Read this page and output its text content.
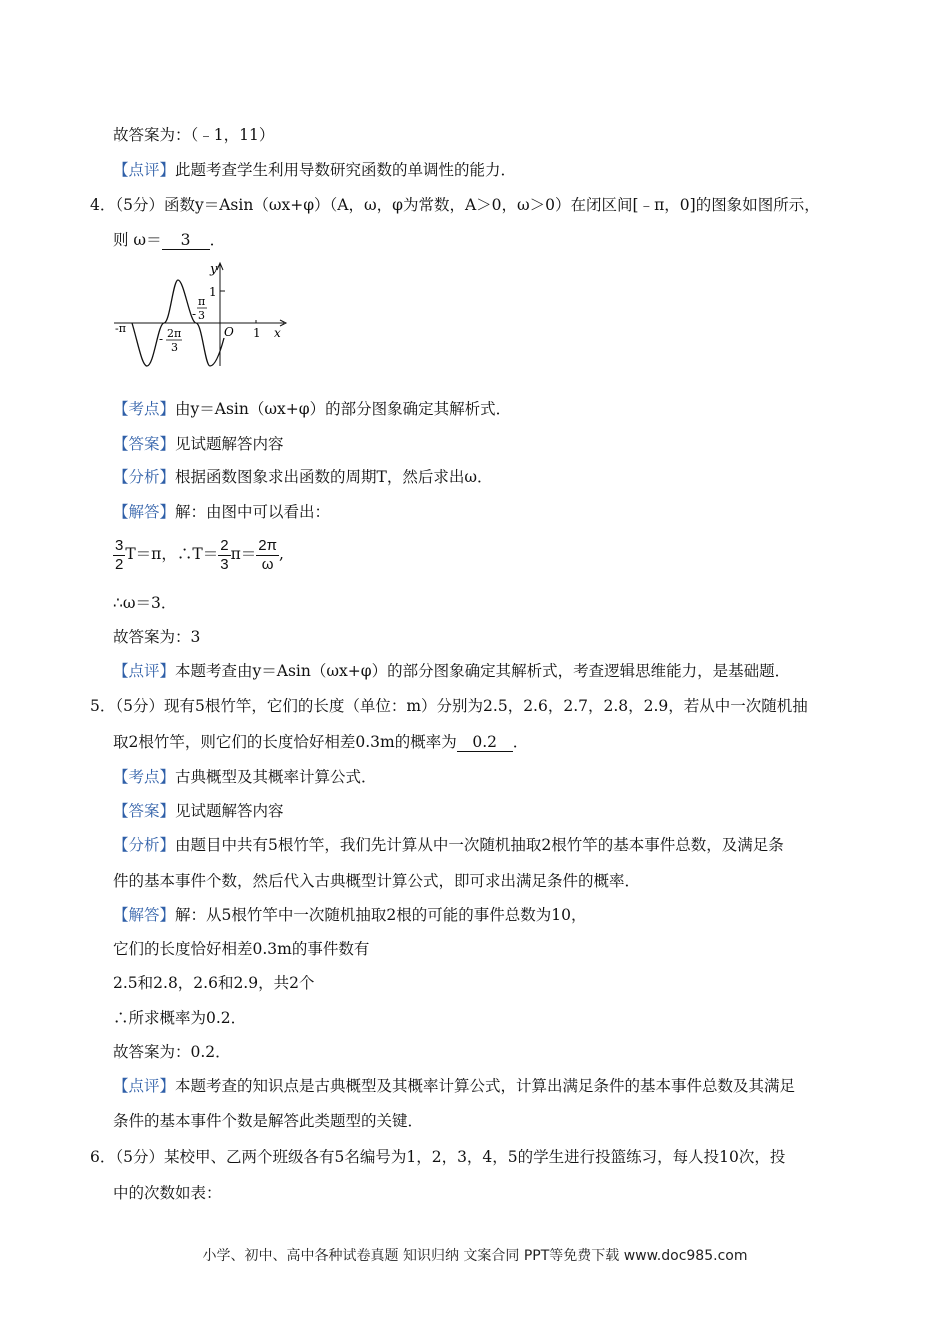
故答案为：（﹣1，11）
【点评】此题考查学生利用导数研究函数的单调性的能力．
4．（5分）函数y＝Asin（ωx+φ）（A，ω，φ为常数，A＞0，ω＞0）在闭区间[﹣π，0]的图象如图所示，
则 ω＝ 3 ．
y
1
-π
-
π
3
- 2π
3
O 1 x
【考点】由y＝Asin（ωx+φ）的部分图象确定其解析式．
【答案】见试题解答内容
【分析】根据函数图象求出函数的周期T，然后求出ω．
【解答】解：由图中可以看出：
$\frac{3}{2} T=\pi$，∴T＝ $\frac{2}{3} \pi= \frac{2\pi}{\omega}$ ,
∴ω＝3．
故答案为：3
【点评】本题考查由y＝Asin（ωx+φ）的部分图象确定其解析式，考查逻辑思维能力，是基础题．
5．（5分）现有5根竹竿，它们的长度（单位：m）分别为2.5，2.6，2.7，2.8，2.9，若从中一次随机抽
取2根竹竿，则它们的长度恰好相差0.3m的概率为 0.2 ．
【考点】古典概型及其概率计算公式．
【答案】见试题解答内容
【分析】由题目中共有5根竹竿，我们先计算从中一次随机抽取2根竹竿的基本事件总数，及满足条
件的基本事件个数，然后代入古典概型计算公式，即可求出满足条件的概率．
【解答】解：从5根竹竿中一次随机抽取2根的可能的事件总数为10，
它们的长度恰好相差0.3m的事件数有
2.5和2.8，2.6和2.9，共2个
∴所求概率为0.2．
故答案为：0.2．
【点评】本题考查的知识点是古典概型及其概率计算公式，计算出满足条件的基本事件总数及其满足
条件的基本事件个数是解答此类题型的关键．
6．（5分）某校甲、乙两个班级各有5名编号为1，2，3，4，5的学生进行投篮练习，每人投10次，投
中的次数如表：
小学、初中、高中各种试卷真题 知识归纳 文案合同 PPT等免费下载 www.doc985.com
